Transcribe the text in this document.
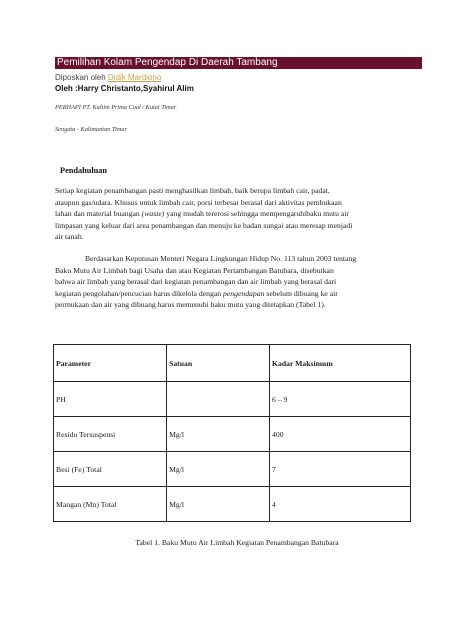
Pemilihan Kolam Pengendap Di Daerah Tambang
Diposkan oleh Didik Mardiono
Oleh :Harry Christanto,Syahirul Alim
PERHAPI PT. Kaltim Prima Coal / Kutai Timur
Sengata - Kalimantan Timur
Pendahuluan
Setiap kegiatan penambangan pasti menghasilkan limbah, baik berupa limbah cair, padat,
ataupun gas/udara. Khusus untuk limbah cair, porsi terbesar berasal dari aktivitas pembukaan
lahan dan material buangan (waste) yang mudah tererosi sehingga mempengaruhibaku mutu air
limpasan yang keluar dari area penambangan dan menuju ke badan sungai atau meresap menjadi
air tanah.
Berdasarkan Keputusan Menteri Negara Lingkungan Hidup No. 113 tahun 2003 tentang
Baku Mutu Air Limbah bagi Usaha dan atau Kegiatan Pertambangan Batubara, disebutkan
bahwa air limbah yang berasal dari kegiatan penambangan dan air limbah yang berasal dari
kegiatan pengolahan/pencucian harus dikelola dengan pengendapan sebelum dibuang ke air
permukaan dan air yang dibuang harus memenuhi baku mutu yang ditetapkan (Tabel 1).
Parameter	Satuan	Kadar Maksimum
PH		6 – 9
Residu Tersuspensi	Mg/l	400
Besi (Fe) Total	Mg/l	7
Mangan (Mn) Total	Mg/l	4
Tabel 1. Baku Mutu Air Limbah Kegiatan Penambangan Batubara
